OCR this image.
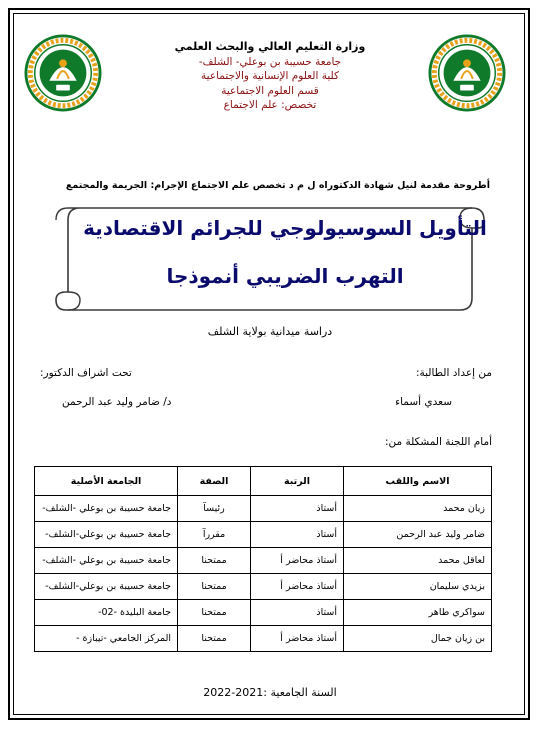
وزارة التعليم العالي والبحث العلمي
جامعة حسيبة بن بوعلي- الشلف-
كلية العلوم الإنسانية والاجتماعية
قسم العلوم الاجتماعية
تخصص: علم الاجتماع
أطروحة مقدمة لنيل شهادة الدكتوراه ل م د تخصص علم الاجتماع الإجرام: الجريمة والمجتمع
التأويل السوسيولوجي للجرائم الاقتصادية
التهرب الضريبي أنموذجا
دراسة ميدانية بولاية الشلف
من إعداد الطالبة:
سعدي أسماء
تحت اشراف الدكتور:
د/ ضامر وليد عبد الرحمن
أمام اللجنة المشكلة من:
الاسم واللقب	الرتبة	الصفة	الجامعة الأصلية
زيان محمد	أستاذ	رئيسآ	جامعة حسيبة بن بوعلي -الشلف-
ضامر وليد عبد الرحمن	أستاذ	مقررآ	جامعة حسيبة بن بوعلي-الشلف-
لعاقل محمد	أستاذ محاضر أ	ممتحنا	جامعة حسيبة بن بوعلي -الشلف-
بزيدي سليمان	أستاذ محاضر أ	ممتحنا	جامعة حسيبة بن بوعلي-الشلف-
سواكري طاهر	أستاذ	ممتحنا	جامعة البليدة -02-
بن زيان جمال	أستاذ محاضر أ	ممتحنا	المركز الجامعي -تيبازة -
السنة الجامعية :2021-2022
